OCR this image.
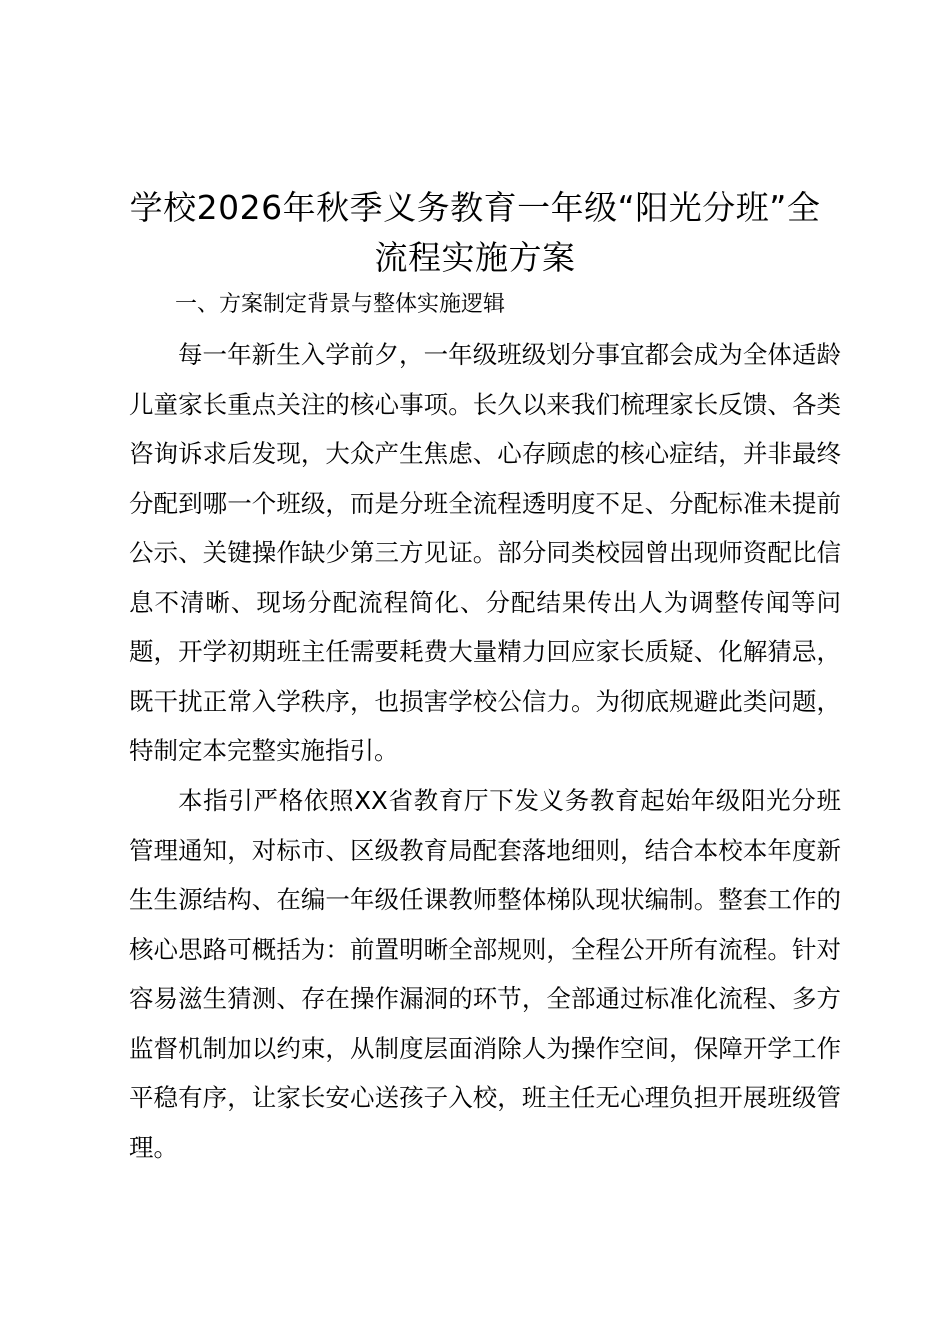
学校2026年秋季义务教育一年级“阳光分班”全流程实施方案
一、方案制定背景与整体实施逻辑

每一年新生入学前夕，一年级班级划分事宜都会成为全体适龄儿童家长重点关注的核心事项。长久以来我们梳理家长反馈、各类咨询诉求后发现，大众产生焦虑、心存顾虑的核心症结，并非最终分配到哪一个班级，而是分班全流程透明度不足、分配标准未提前公示、关键操作缺少第三方见证。部分同类校园曾出现师资配比信息不清晰、现场分配流程简化、分配结果传出人为调整传闻等问题，开学初期班主任需要耗费大量精力回应家长质疑、化解猜忌，既干扰正常入学秩序，也损害学校公信力。为彻底规避此类问题，特制定本完整实施指引。

本指引严格依照XX省教育厅下发义务教育起始年级阳光分班管理通知，对标市、区级教育局配套落地细则，结合本校本年度新生生源结构、在编一年级任课教师整体梯队现状编制。整套工作的核心思路可概括为：前置明晰全部规则，全程公开所有流程。针对容易滋生猜测、存在操作漏洞的环节，全部通过标准化流程、多方监督机制加以约束，从制度层面消除人为操作空间，保障开学工作平稳有序，让家长安心送孩子入校，班主任无心理负担开展班级管理。
